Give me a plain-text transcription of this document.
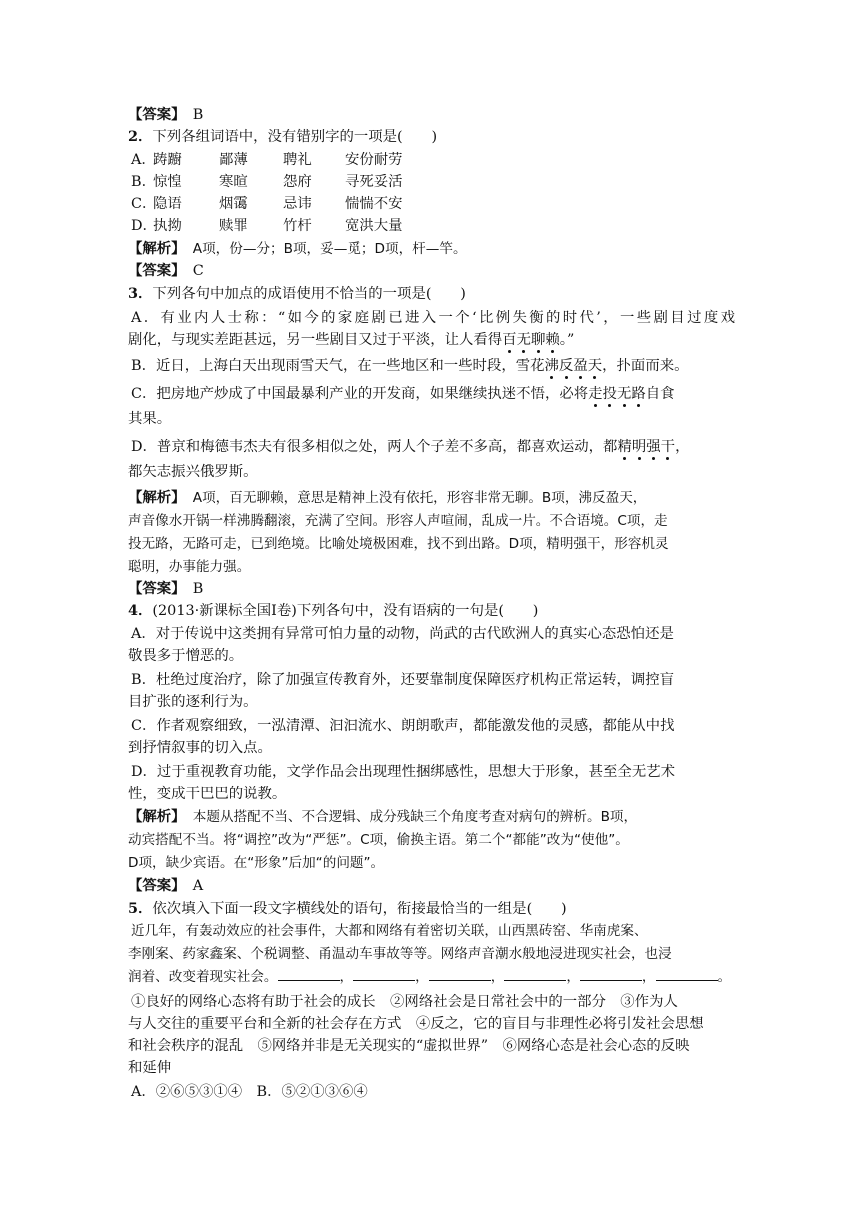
【答案】　 B
2．下列各组词语中，没有错别字的一项是(　　)
A．踌躕	鄙薄 聘礼 安份耐劳
B．惊惶	寒暄 怨府 寻死妥活
C．隐语	烟霭 忌讳 惴惴不安
D．执拗	赎罪 竹杆 宽洪大量
【解析】　 A项，份—分；B项，妥—觅；D项，杆—竿。
【答案】　 C
3．下列各句中加点的成语使用不恰当的一项是(　　)
A．有业内人士称：“如今的家庭剧已进入一个‘比例失衡的时代’，一些剧目过度戏
剧化，与现实差距甚远，另一些剧目又过于平淡，让人看得百无聊赖。”
B．近日，上海白天出现雨雪天气，在一些地区和一些时段，雪花沸反盈天，扑面而来。
C．把房地产炒成了中国最暴利产业的开发商，如果继续执迷不悟，必将走投无路自食
其果。
D．普京和梅德韦杰夫有很多相似之处，两人个子差不多高，都喜欢运动，都精明强干，
都矢志振兴俄罗斯。
【解析】　 A项，百无聊赖，意思是精神上没有依托，形容非常无聊。B项，沸反盈天，
声音像水开锅一样沸腾翻滚，充满了空间。形容人声喧闹，乱成一片。不合语境。C项，走
投无路，无路可走，已到绝境。比喻处境极困难，找不到出路。D项，精明强干，形容机灵
聪明，办事能力强。
【答案】　 B
4．(2013·新课标全国Ⅰ卷)下列各句中，没有语病的一句是(　　)
A．对于传说中这类拥有异常可怕力量的动物，尚武的古代欧洲人的真实心态恐怕还是
敬畏多于憎恶的。
B．杜绝过度治疗，除了加强宣传教育外，还要靠制度保障医疗机构正常运转，调控盲
目扩张的逐利行为。
C．作者观察细致，一泓清潭、汩汩流水、朗朗歌声，都能激发他的灵感，都能从中找
到抒情叙事的切入点。
D．过于重视教育功能，文学作品会出现理性捆绑感性，思想大于形象，甚至全无艺术
性，变成干巴巴的说教。
【解析】　 本题从搭配不当、不合逻辑、成分残缺三个角度考查对病句的辨析。B项，
动宾搭配不当。将“调控”改为“严惩”。C项，偷换主语。第二个“都能”改为“使他”。
D项，缺少宾语。在“形象”后加“的问题”。
【答案】　 A
5．依次填入下面一段文字横线处的语句，衔接最恰当的一组是(　　)
近几年，有轰动效应的社会事件，大都和网络有着密切关联，山西黑砖窑、华南虎案、
李刚案、药家鑫案、个税调整、甬温动车事故等等。网络声音潮水般地浸进现实社会，也浸
润着、改变着现实社会。	，	，	，	，	，	。
①良好的网络心态将有助于社会的成长　②网络社会是日常社会中的一部分　③作为人
与人交往的重要平台和全新的社会存在方式　④反之，它的盲目与非理性必将引发社会思想
和社会秩序的混乱　⑤网络并非是无关现实的“虚拟世界”　⑥网络心态是社会心态的反映
和延伸
A．②⑥⑤③①④　B．⑤②①③⑥④
